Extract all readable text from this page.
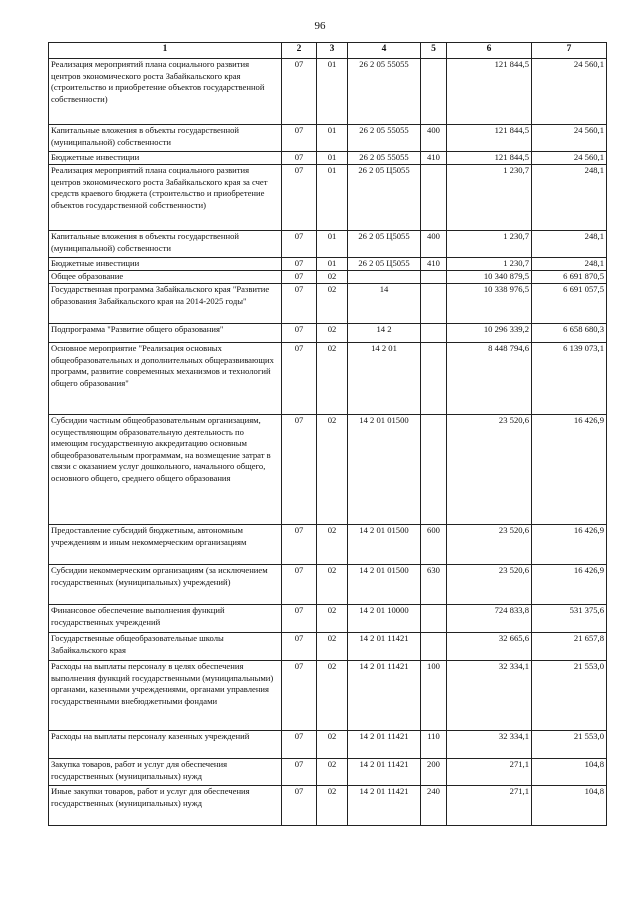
96
1	2	3	4	5	6	7
Реализация мероприятий плана социального развития центров экономического роста Забайкальского края (строительство и приобретение объектов государственной собственности)	07	01	26 2 05 55055		121 844,5	24 560,1
Капитальные вложения в объекты государственной (муниципальной) собственности	07	01	26 2 05 55055	400	121 844,5	24 560,1
Бюджетные инвестиции	07	01	26 2 05 55055	410	121 844,5	24 560,1
Реализация мероприятий плана социального развития центров экономического роста Забайкальского края за счет средств краевого бюджета (строительство и приобретение объектов государственной собственности)	07	01	26 2 05 Ц5055		1 230,7	248,1
Капитальные вложения в объекты государственной (муниципальной) собственности	07	01	26 2 05 Ц5055	400	1 230,7	248,1
Бюджетные инвестиции	07	01	26 2 05 Ц5055	410	1 230,7	248,1
Общее образование	07	02			10 340 879,5	6 691 870,5
Государственная программа Забайкальского края "Развитие образования Забайкальского края на 2014-2025 годы"	07	02	14		10 338 976,5	6 691 057,5
Подпрограмма "Развитие общего образования"	07	02	14 2		10 296 339,2	6 658 680,3
Основное мероприятие "Реализация основных общеобразовательных и дополнительных общеразвивающих программ, развитие современных механизмов и технологий общего образования"	07	02	14 2 01		8 448 794,6	6 139 073,1
Субсидии частным общеобразовательным организациям, осуществляющим образовательную деятельность по имеющим государственную аккредитацию основным общеобразовательным программам, на возмещение затрат в связи с оказанием услуг дошкольного, начального общего, основного общего, среднего общего образования	07	02	14 2 01 01500		23 520,6	16 426,9
Предоставление субсидий бюджетным, автономным учреждениям и иным некоммерческим организациям	07	02	14 2 01 01500	600	23 520,6	16 426,9
Субсидии некоммерческим организациям (за исключением государственных (муниципальных) учреждений)	07	02	14 2 01 01500	630	23 520,6	16 426,9
Финансовое обеспечение выполнения функций государственных учреждений	07	02	14 2 01 10000		724 833,8	531 375,6
Государственные общеобразовательные школы Забайкальского края	07	02	14 2 01 11421		32 665,6	21 657,8
Расходы на выплаты персоналу в целях обеспечения выполнения функций государственными (муниципальными) органами, казенными учреждениями, органами управления государственными внебюджетными фондами	07	02	14 2 01 11421	100	32 334,1	21 553,0
Расходы на выплаты персоналу казенных учреждений	07	02	14 2 01 11421	110	32 334,1	21 553,0
Закупка товаров, работ и услуг для обеспечения государственных (муниципальных) нужд	07	02	14 2 01 11421	200	271,1	104,8
Иные закупки товаров, работ и услуг для обеспечения государственных (муниципальных) нужд	07	02	14 2 01 11421	240	271,1	104,8
